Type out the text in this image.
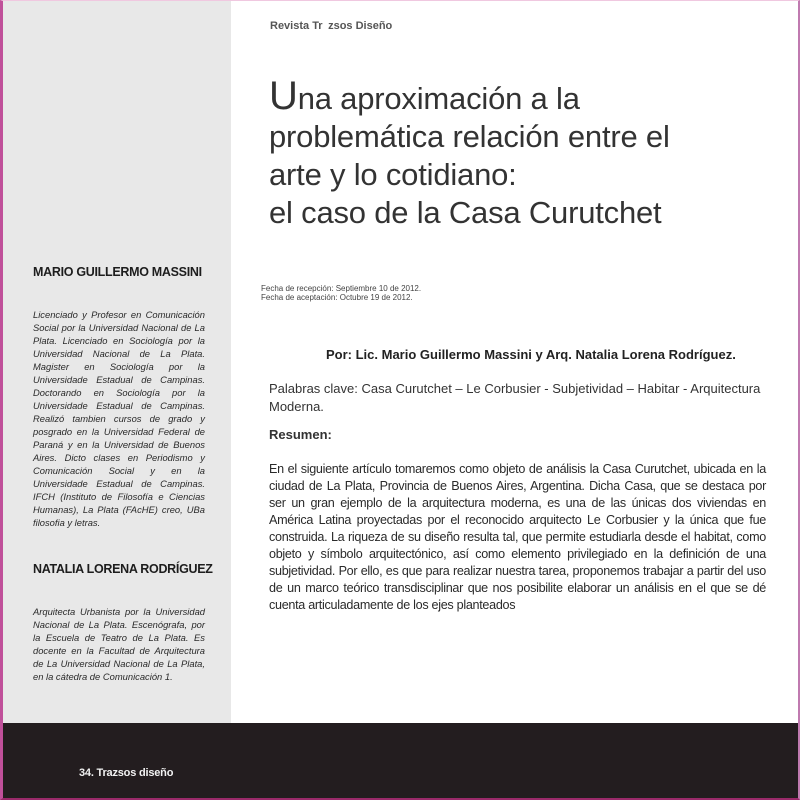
MARIO GUILLERMO MASSINI
Licenciado y Profesor en Comunicación Social por la Universidad Nacional de La Plata. Licenciado en Sociología por la Universidad Nacional de La Plata. Magister en Sociología por la Universidade Estadual de Campinas. Doctorando en Sociología por la Universidade Estadual de Campinas. Realizó tambien cursos de grado y posgrado en la Universidad Federal de Paraná y en la Universidad de Buenos Aires. Dicto clases en Periodismo y Comunicación Social y en la Universidade Estadual de Campinas. IFCH (Instituto de Filosofía e Ciencias Humanas), La Plata (FAcHE) creo, UBa filosofia y letras.
NATALIA LORENA RODRÍGUEZ
Arquitecta Urbanista por la Universidad Nacional de La Plata. Escenógrafa, por la Escuela de Teatro de La Plata. Es docente en la Facultad de Arquitectura de La Universidad Nacional de La Plata, en la cátedra de Comunicación 1.
Revista Tr zsos Diseño
Una aproximación a la
problemática relación entre el
arte y lo cotidiano:
el caso de la Casa Curutchet
Fecha de recepción: Septiembre 10 de 2012.
Fecha de aceptación: Octubre 19 de 2012.
Por: Lic. Mario Guillermo Massini y Arq. Natalia Lorena Rodríguez.
Palabras clave: Casa Curutchet – Le Corbusier - Subjetividad – Habitar - Arquitectura Moderna.
Resumen:
En el siguiente artículo tomaremos como objeto de análisis la Casa Curutchet, ubicada en la ciudad de La Plata, Provincia de Buenos Aires, Argentina. Dicha Casa, que se destaca por ser un gran ejemplo de la arquitectura moderna, es una de las únicas dos viviendas en América Latina proyectadas por el reconocido arquitecto Le Corbusier y la única que fue construida. La riqueza de su diseño resulta tal, que permite estudiarla desde el habitat, como objeto y símbolo arquitectónico, así como elemento privilegiado en la definición de una subjetividad. Por ello, es que para realizar nuestra tarea, proponemos trabajar a partir del uso de un marco teórico transdisciplinar que nos posibilite elaborar un análisis en el que se dé cuenta articuladamente de los ejes planteados
34. Trazsos diseño
